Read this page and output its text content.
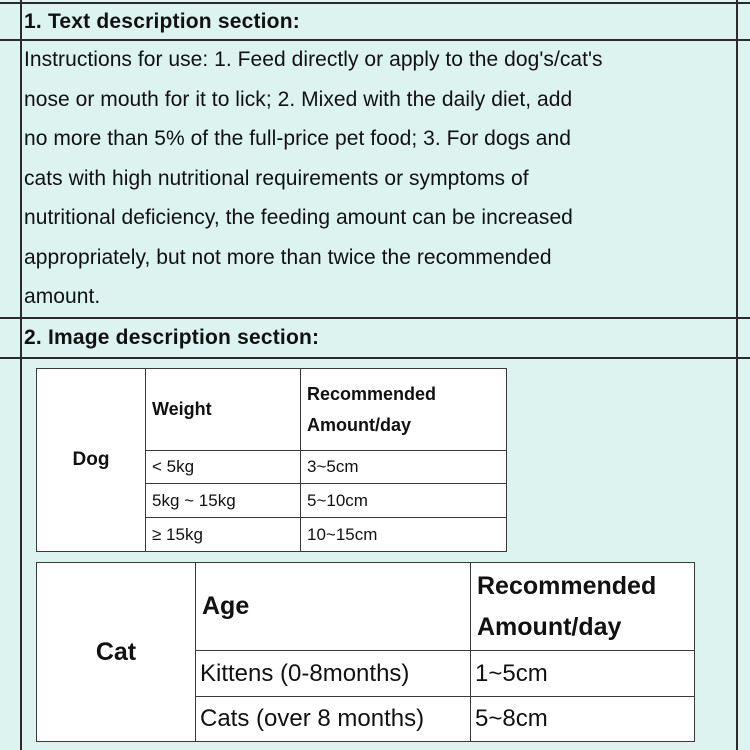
1. Text description section:
Instructions for use: 1. Feed directly or apply to the dog's/cat's
nose or mouth for it to lick; 2. Mixed with the daily diet, add
no more than 5% of the full-price pet food; 3. For dogs and
cats with high nutritional requirements or symptoms of
nutritional deficiency, the feeding amount can be increased
appropriately, but not more than twice the recommended
amount.
2. Image description section:
Dog	Weight	Recommended
Amount/day

	< 5kg	3~5cm
	5kg ~ 15kg	5~10cm
	≥ 15kg	10~15cm
Cat	Age	Recommended
Amount/day

	Kittens (0-8months)	1~5cm
	Cats (over 8 months)	5~8cm
